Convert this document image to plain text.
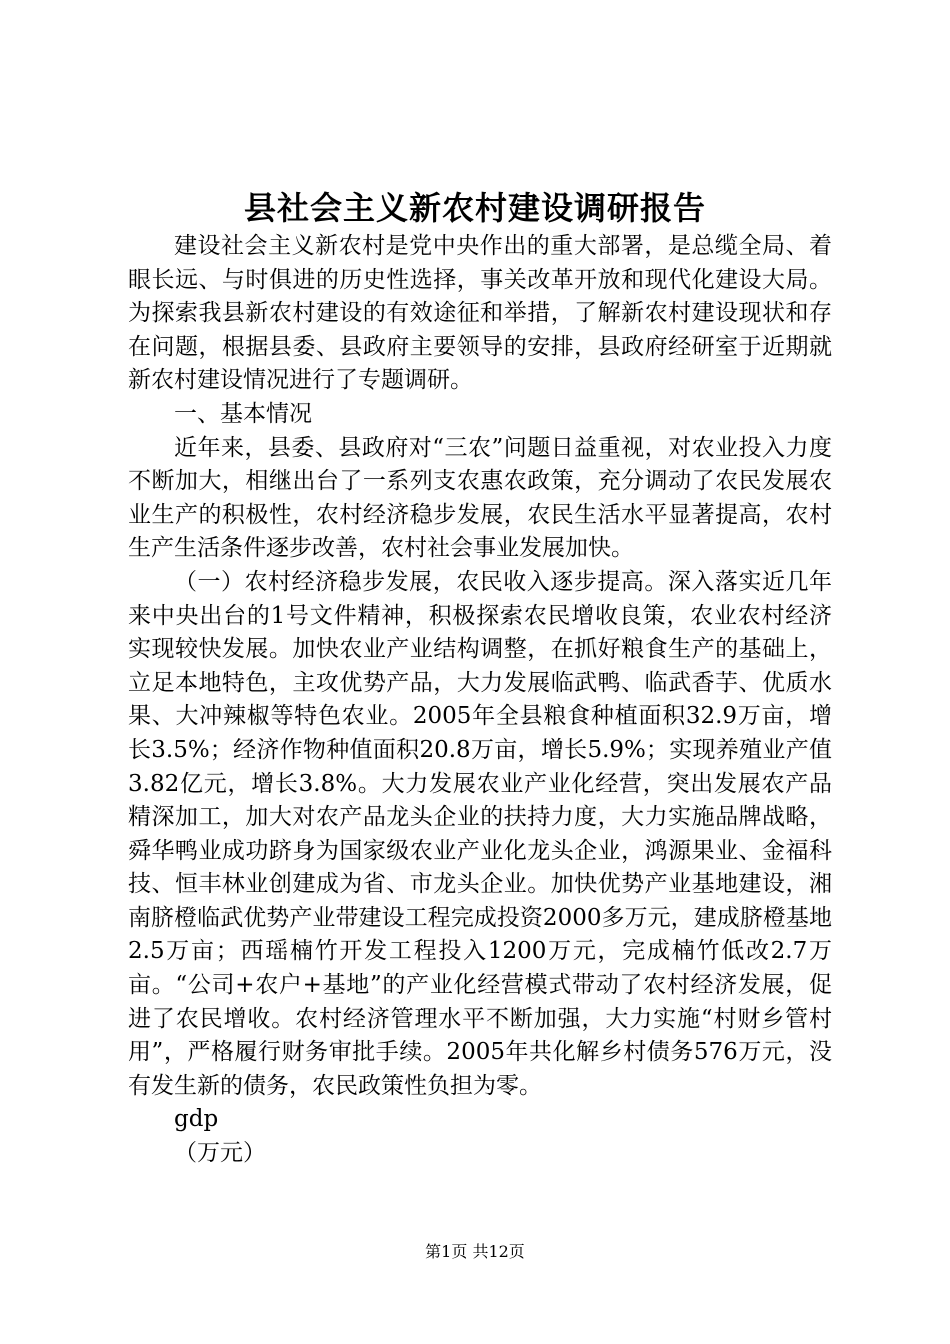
县社会主义新农村建设调研报告

建设社会主义新农村是党中央作出的重大部署，是总缆全局、着眼长远、与时俱进的历史性选择，事关改革开放和现代化建设大局。为探索我县新农村建设的有效途征和举措，了解新农村建设现状和存在问题，根据县委、县政府主要领导的安排，县政府经研室于近期就新农村建设情况进行了专题调研。

一、基本情况

近年来，县委、县政府对“三农”问题日益重视，对农业投入力度不断加大，相继出台了一系列支农惠农政策，充分调动了农民发展农业生产的积极性，农村经济稳步发展，农民生活水平显著提高，农村生产生活条件逐步改善，农村社会事业发展加快。

（一）农村经济稳步发展，农民收入逐步提高。深入落实近几年来中央出台的1号文件精神，积极探索农民增收良策，农业农村经济实现较快发展。加快农业产业结构调整，在抓好粮食生产的基础上，立足本地特色，主攻优势产品，大力发展临武鸭、临武香芋、优质水果、大冲辣椒等特色农业。2005年全县粮食种植面积32.9万亩，增长3.5%；经济作物种值面积20.8万亩，增长5.9%；实现养殖业产值3.82亿元，增长3.8%。大力发展农业产业化经营，突出发展农产品精深加工，加大对农产品龙头企业的扶持力度，大力实施品牌战略，舜华鸭业成功跻身为国家级农业产业化龙头企业，鸿源果业、金福科技、恒丰林业创建成为省、市龙头企业。加快优势产业基地建设，湘南脐橙临武优势产业带建设工程完成投资2000多万元，建成脐橙基地2.5万亩；西瑶楠竹开发工程投入1200万元，完成楠竹低改2.7万亩。“公司+农户+基地”的产业化经营模式带动了农村经济发展，促进了农民增收。农村经济管理水平不断加强，大力实施“村财乡管村用”，严格履行财务审批手续。2005年共化解乡村债务576万元，没有发生新的债务，农民政策性负担为零。

gdp

（万元）

第1页 共12页
